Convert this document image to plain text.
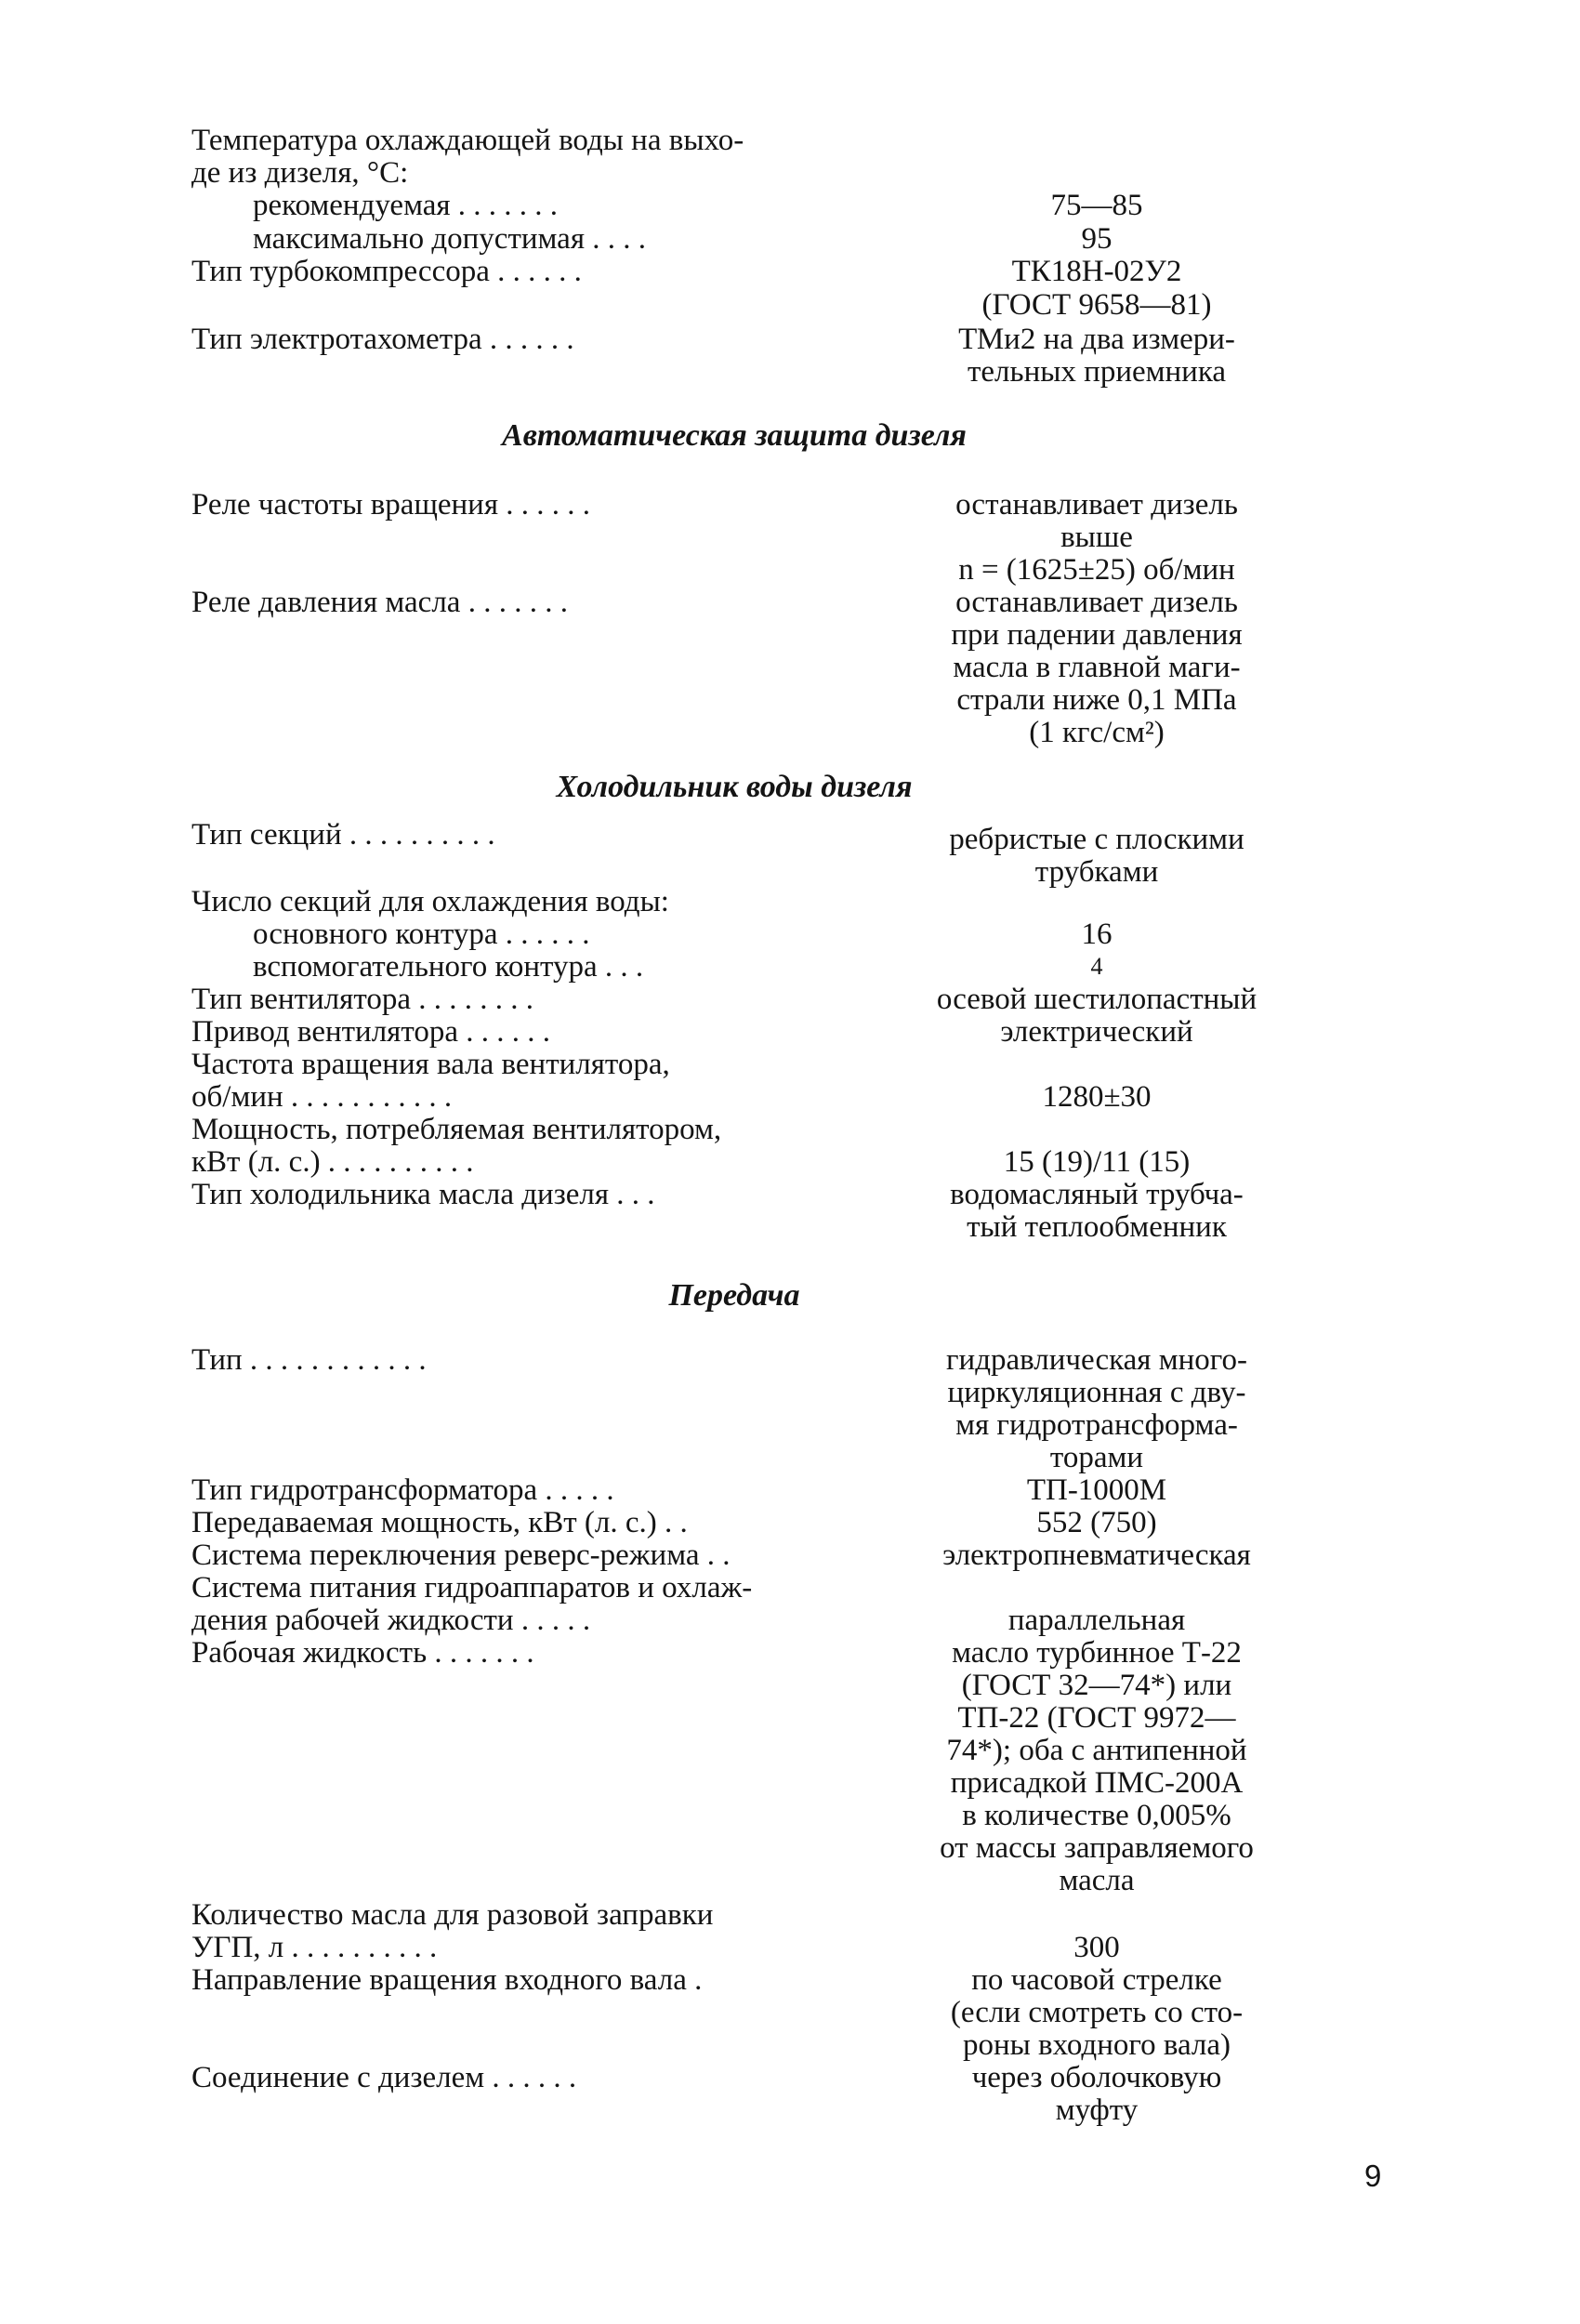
Температура охлаждающей воды на выхо-
де из дизеля, °С:
рекомендуемая . . . . . . .
максимально допустимая . . . .
Тип турбокомпрессора . . . . . .
Тип электротахометра . . . . . .
Автоматическая защита дизеля
Реле частоты вращения . . . . . .
Реле давления масла . . . . . . .
Холодильник воды дизеля
Тип секций . . . . . . . . . .
Число секций для охлаждения воды:
основного контура . . . . . .
вспомогательного контура . . .
Тип вентилятора . . . . . . . .
Привод вентилятора . . . . . .
Частота вращения вала вентилятора,
об/мин . . . . . . . . . . .
Мощность, потребляемая вентилятором,
кВт (л. с.) . . . . . . . . . .
Тип холодильника масла дизеля . . .
Передача
Тип . . . . . . . . . . . .
Тип гидротрансформатора . . . . .
Передаваемая мощность, кВт (л. с.) . .
Система переключения реверс-режима . .
Система питания гидроаппаратов и охлаж-
дения рабочей жидкости . . . . .
Рабочая жидкость . . . . . . .
Количество масла для разовой заправки
УГП, л . . . . . . . . . .
Направление вращения входного вала .
Соединение с дизелем . . . . . .
75—85
95
ТК18Н-02У2
(ГОСТ 9658—81)
ТМи2 на два измери-
тельных приемника
останавливает дизель
выше
n = (1625±25) об/мин
останавливает дизель
при падении давления
масла в главной маги-
страли ниже 0,1 МПа
(1 кгс/см²)
ребристые с плоскими
трубками
16
4
осевой шестилопастный
электрический
1280±30
15 (19)/11 (15)
водомасляный трубча-
тый теплообменник
гидравлическая много-
циркуляционная с дву-
мя гидротрансформа-
торами
ТП-1000М
552 (750)
электропневматическая
параллельная
масло турбинное Т-22
(ГОСТ 32—74*) или
ТП-22 (ГОСТ 9972—
74*); оба с антипенной
присадкой ПМС-200А
в количестве 0,005%
от массы заправляемого
масла
300
по часовой стрелке
(если смотреть со сто-
роны входного вала)
через оболочковую
муфту
9
